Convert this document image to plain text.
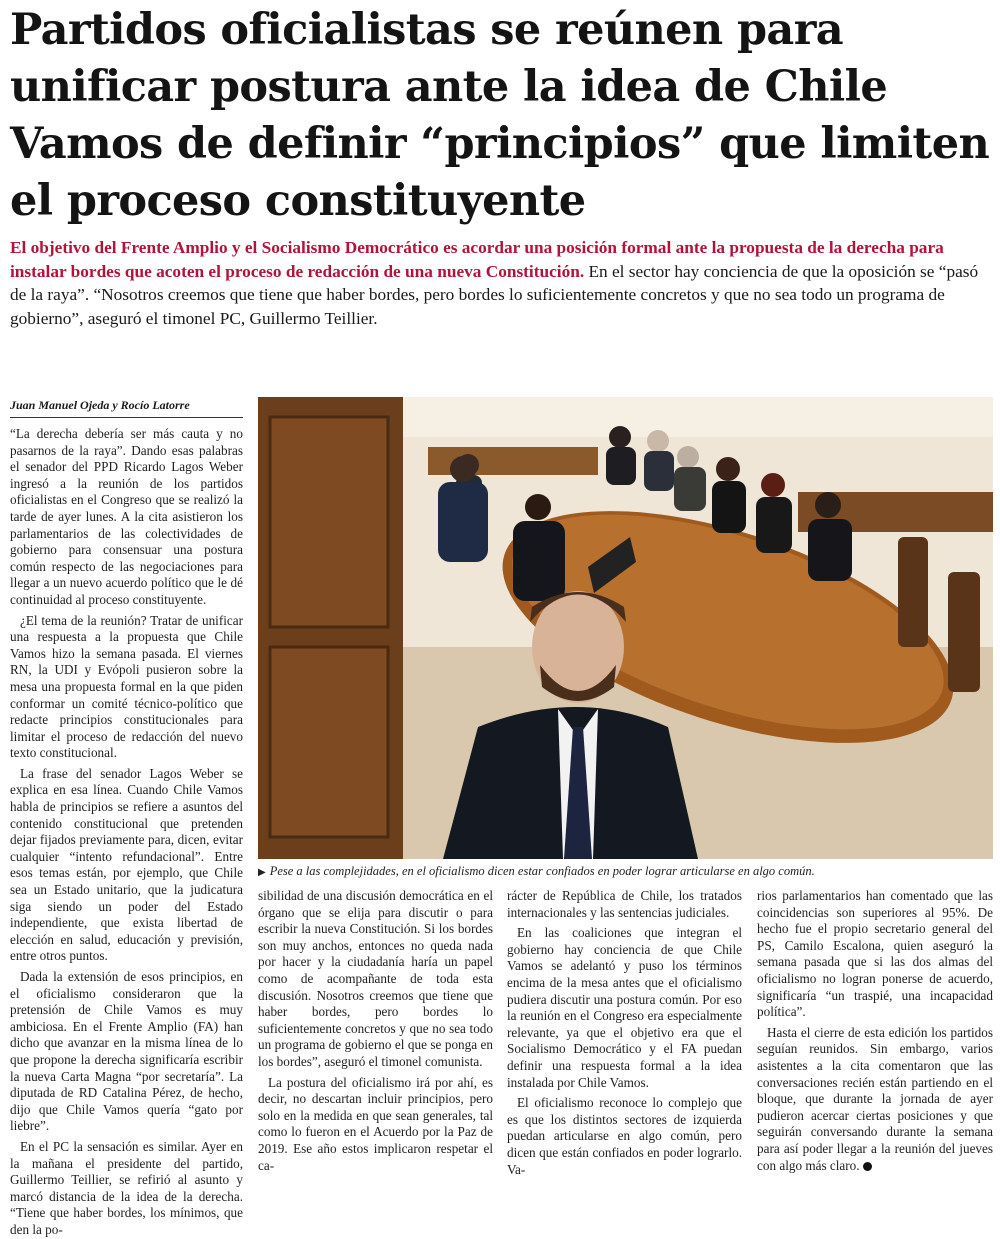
Partidos oficialistas se reúnen para unificar postura ante la idea de Chile Vamos de definir “principios” que limiten el proceso constituyente

El objetivo del Frente Amplio y el Socialismo Democrático es acordar una posición formal ante la propuesta de la derecha para instalar bordes que acoten el proceso de redacción de una nueva Constitución. En el sector hay conciencia de que la oposición se “pasó de la raya”. “Nosotros creemos que tiene que haber bordes, pero bordes lo suficientemente concretos y que no sea todo un programa de gobierno”, aseguró el timonel PC, Guillermo Teillier.

Juan Manuel Ojeda y Rocío Latorre

“La derecha debería ser más cauta y no pasarnos de la raya”. Dando esas palabras el senador del PPD Ricardo Lagos Weber ingresó a la reunión de los partidos oficialistas en el Congreso que se realizó la tarde de ayer lunes. A la cita asistieron los parlamentarios de las colectividades de gobierno para consensuar una postura común respecto de las negociaciones para llegar a un nuevo acuerdo político que le dé continuidad al proceso constituyente.

¿El tema de la reunión? Tratar de unificar una respuesta a la propuesta que Chile Vamos hizo la semana pasada. El viernes RN, la UDI y Evópoli pusieron sobre la mesa una propuesta formal en la que piden conformar un comité técnico-político que redacte principios constitucionales para limitar el proceso de redacción del nuevo texto constitucional.

La frase del senador Lagos Weber se explica en esa línea. Cuando Chile Vamos habla de principios se refiere a asuntos del contenido constitucional que pretenden dejar fijados previamente para, dicen, evitar cualquier “intento refundacional”. Entre esos temas están, por ejemplo, que Chile sea un Estado unitario, que la judicatura siga siendo un poder del Estado independiente, que exista libertad de elección en salud, educación y previsión, entre otros puntos.

Dada la extensión de esos principios, en el oficialismo consideraron que la pretensión de Chile Vamos es muy ambiciosa. En el Frente Amplio (FA) han dicho que avanzar en la misma línea de lo que propone la derecha significaría escribir la nueva Carta Magna “por secretaría”. La diputada de RD Catalina Pérez, de hecho, dijo que Chile Vamos quería “gato por liebre”.

En el PC la sensación es similar. Ayer en la mañana el presidente del partido, Guillermo Teillier, se refirió al asunto y marcó distancia de la idea de la derecha. “Tiene que haber bordes, los mínimos, que den la po-

▶ Pese a las complejidades, en el oficialismo dicen estar confiados en poder lograr articularse en algo común.

sibilidad de una discusión democrática en el órgano que se elija para discutir o para escribir la nueva Constitución. Si los bordes son muy anchos, entonces no queda nada por hacer y la ciudadanía haría un papel como de acompañante de toda esta discusión. Nosotros creemos que tiene que haber bordes, pero bordes lo suficientemente concretos y que no sea todo un programa de gobierno el que se ponga en los bordes”, aseguró el timonel comunista.

La postura del oficialismo irá por ahí, es decir, no descartan incluir principios, pero solo en la medida en que sean generales, tal como lo fueron en el Acuerdo por la Paz de 2019. Ese año estos implicaron respetar el ca-

rácter de República de Chile, los tratados internacionales y las sentencias judiciales.

En las coaliciones que integran el gobierno hay conciencia de que Chile Vamos se adelantó y puso los términos encima de la mesa antes que el oficialismo pudiera discutir una postura común. Por eso la reunión en el Congreso era especialmente relevante, ya que el objetivo era que el Socialismo Democrático y el FA puedan definir una respuesta formal a la idea instalada por Chile Vamos.

El oficialismo reconoce lo complejo que es que los distintos sectores de izquierda puedan articularse en algo común, pero dicen que están confiados en poder lograrlo. Va-

rios parlamentarios han comentado que las coincidencias son superiores al 95%. De hecho fue el propio secretario general del PS, Camilo Escalona, quien aseguró la semana pasada que si las dos almas del oficialismo no logran ponerse de acuerdo, significaría “un traspié, una incapacidad política”.

Hasta el cierre de esta edición los partidos seguían reunidos. Sin embargo, varios asistentes a la cita comentaron que las conversaciones recién están partiendo en el bloque, que durante la jornada de ayer pudieron acercar ciertas posiciones y que seguirán conversando durante la semana para así poder llegar a la reunión del jueves con algo más claro.
